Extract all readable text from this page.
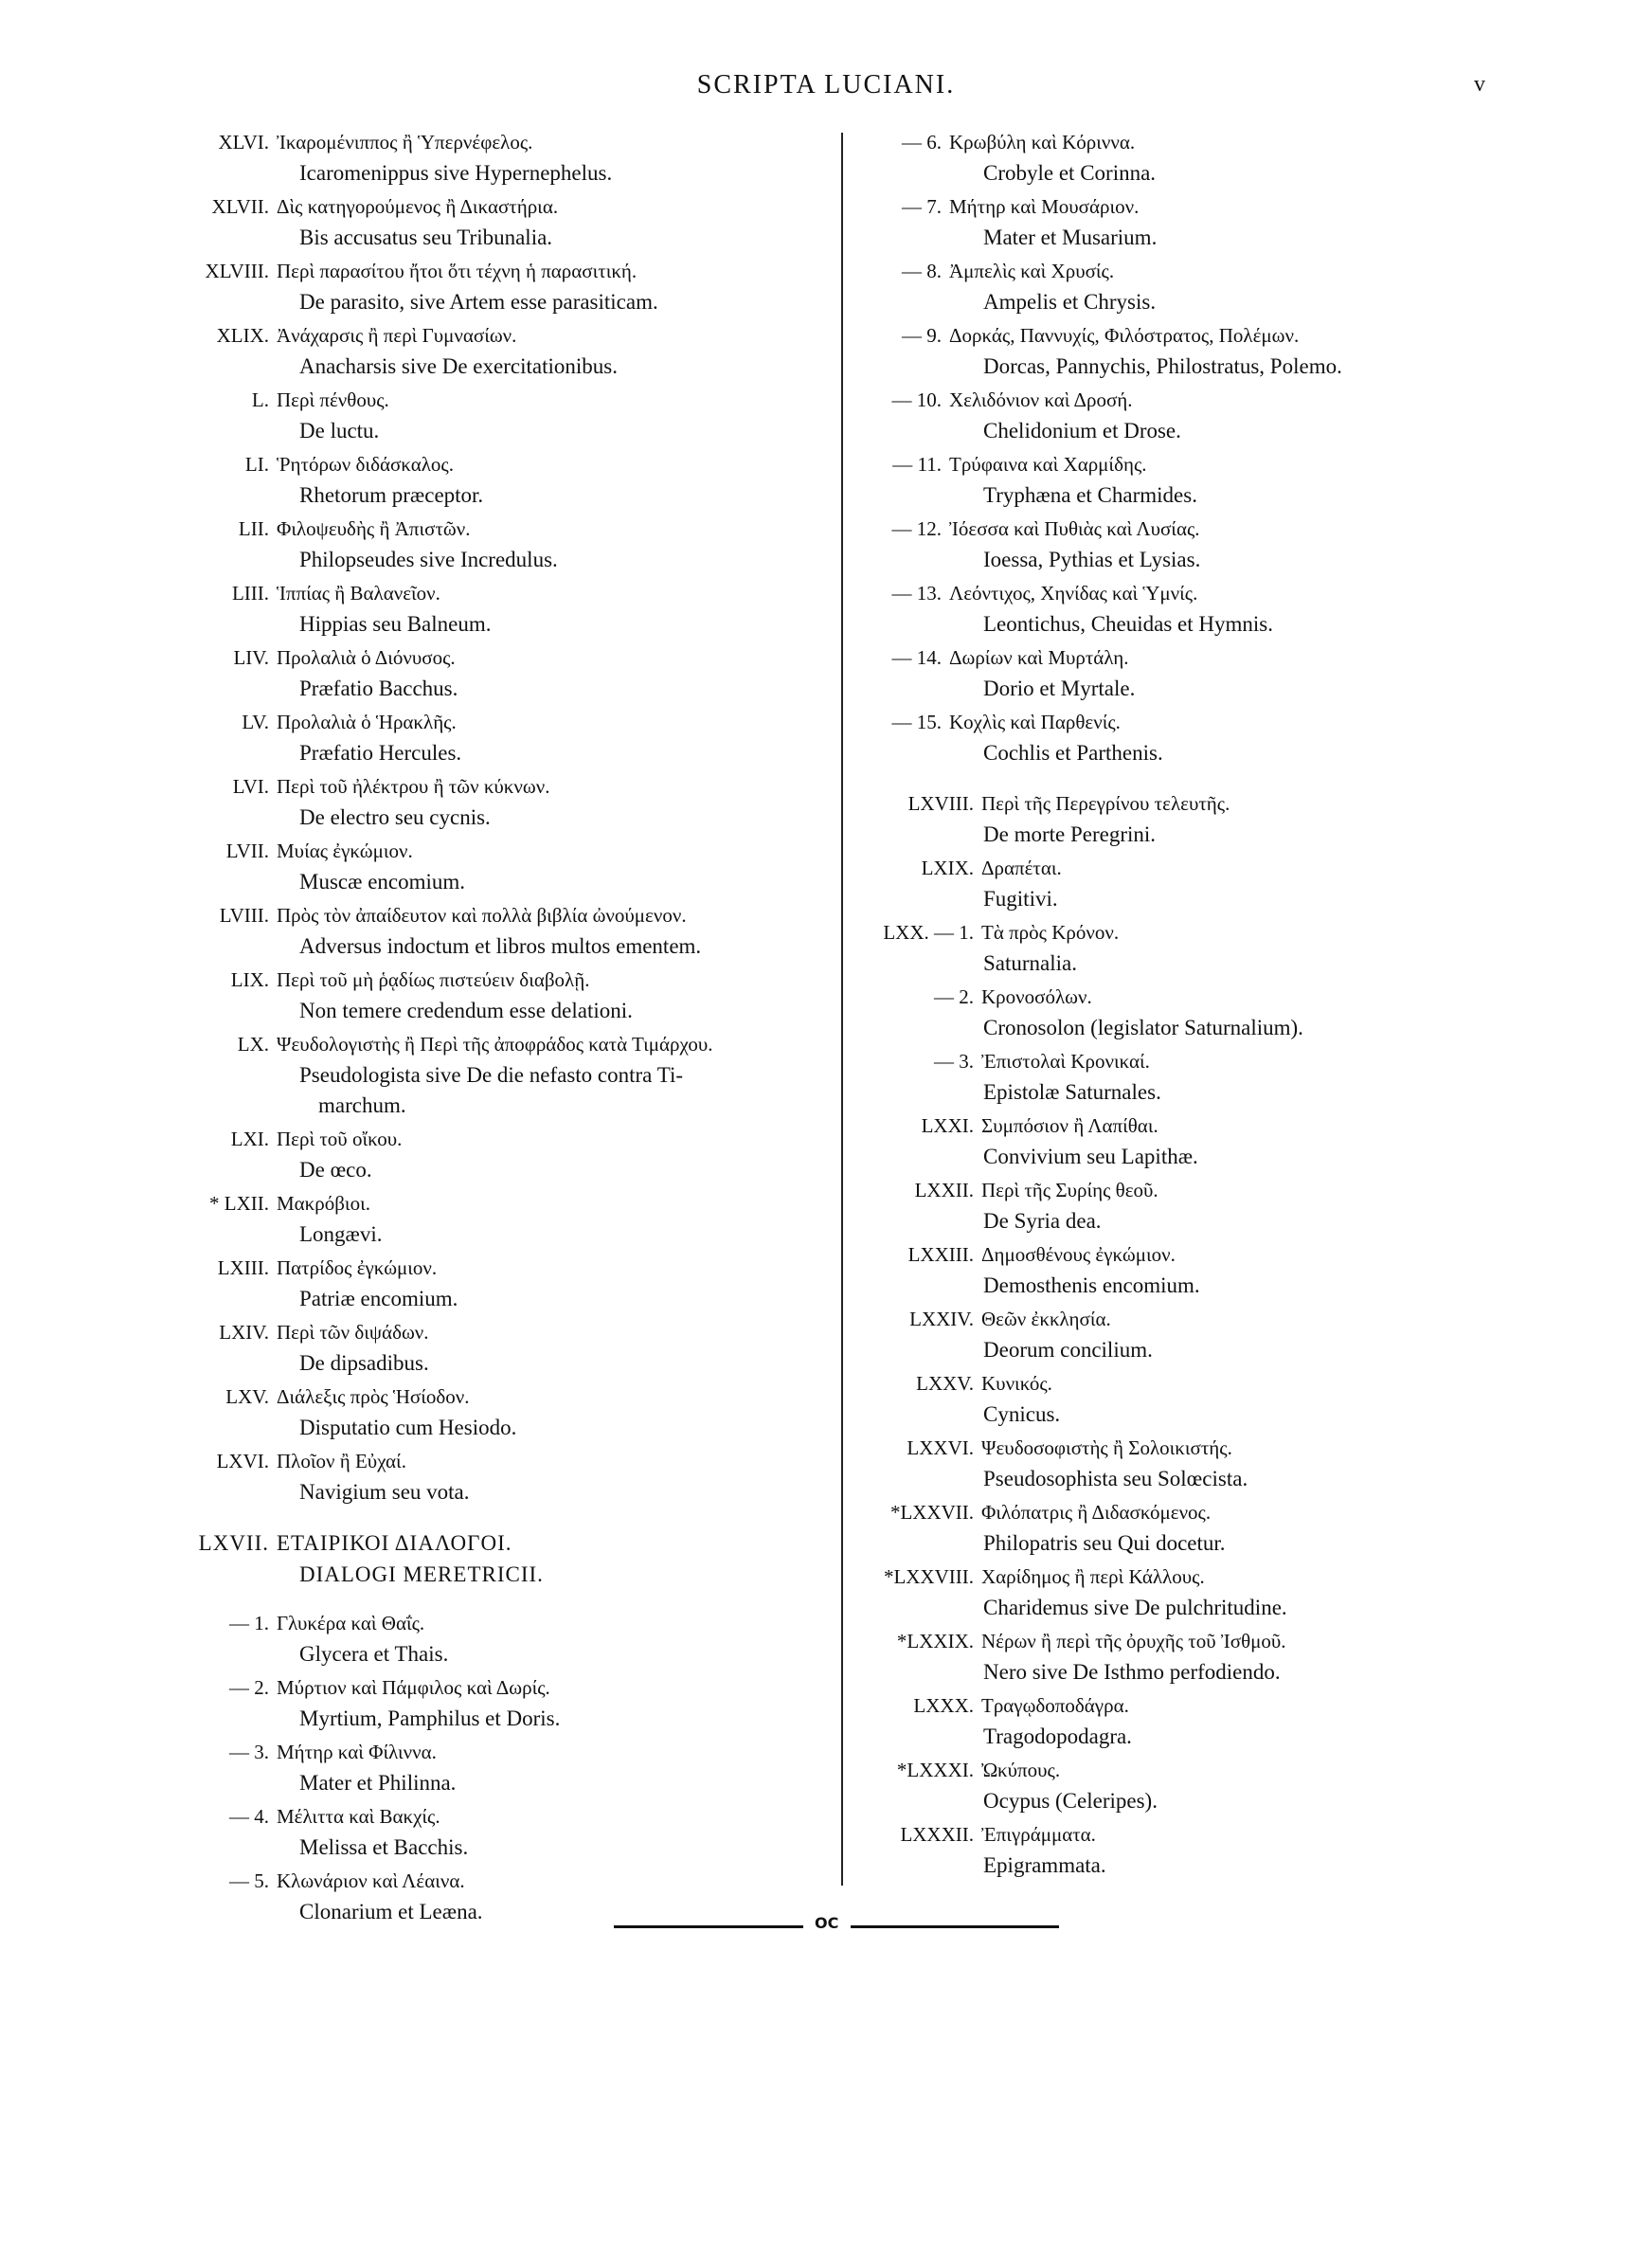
SCRIPTA LUCIANI.	v
XLVI. Ἰκαρομένιππος ἢ Ὑπερνέφελος.
Icaromenippus sive Hypernephelus.
XLVII. Δὶς κατηγορούμενος ἢ Δικαστήρια.
Bis accusatus seu Tribunalia.
XLVIII. Περὶ παρασίτου ἤτοι ὅτι τέχνη ἡ παρασιτική.
De parasito, sive Artem esse parasiticam.
XLIX. Ἀνάχαρσις ἢ περὶ Γυμνασίων.
Anacharsis sive De exercitationibus.
L. Περὶ πένθους.
De luctu.
LI. Ῥητόρων διδάσκαλος.
Rhetorum præceptor.
LII. Φιλοψευδὴς ἢ Ἀπιστῶν.
Philopseudes sive Incredulus.
LIII. Ἱππίας ἢ Βαλανεῖον.
Hippias seu Balneum.
LIV. Προλαλιὰ ὁ Διόνυσος.
Præfatio Bacchus.
LV. Προλαλιὰ ὁ Ἡρακλῆς.
Præfatio Hercules.
LVI. Περὶ τοῦ ἠλέκτρου ἢ τῶν κύκνων.
De electro seu cycnis.
LVII. Μυίας ἐγκώμιον.
Muscæ encomium.
LVIII. Πρὸς τὸν ἀπαίδευτον καὶ πολλὰ βιβλία ὠνούμενον.
Adversus indoctum et libros multos ementem.
LIX. Περὶ τοῦ μὴ ῥᾳδίως πιστεύειν διαβολῇ.
Non temere credendum esse delationi.
LX. Ψευδολογιστὴς ἢ Περὶ τῆς ἀποφράδος κατὰ Τιμάρχου.
Pseudologista sive De die nefasto contra Ti-
marchum.
LXI. Περὶ τοῦ οἴκου.
De œco.
* LXII. Μακρόβιοι.
Longævi.
LXIII. Πατρίδος ἐγκώμιον.
Patriæ encomium.
LXIV. Περὶ τῶν διψάδων.
De dipsadibus.
LXV. Διάλεξις πρὸς Ἡσίοδον.
Disputatio cum Hesiodo.
LXVI. Πλοῖον ἢ Εὐχαί.
Navigium seu vota.
LXVII. ΕΤΑΙΡΙΚΟΙ ΔΙΑΛΟΓΟΙ.
DIALOGI MERETRICII.
— 1. Γλυκέρα καὶ Θαΐς.
Glycera et Thais.
— 2. Μύρτιον καὶ Πάμφιλος καὶ Δωρίς.
Myrtium, Pamphilus et Doris.
— 3. Μήτηρ καὶ Φίλιννα.
Mater et Philinna.
— 4. Μέλιττα καὶ Βακχίς.
Melissa et Bacchis.
— 5. Κλωνάριον καὶ Λέαινα.
Clonarium et Leæna.
— 6. Κρωβύλη καὶ Κόριννα.
Crobyle et Corinna.
— 7. Μήτηρ καὶ Μουσάριον.
Mater et Musarium.
— 8. Ἀμπελὶς καὶ Χρυσίς.
Ampelis et Chrysis.
— 9. Δορκάς, Παννυχίς, Φιλόστρατος, Πολέμων.
Dorcas, Pannychis, Philostratus, Polemo.
— 10. Χελιδόνιον καὶ Δροσή.
Chelidonium et Drose.
— 11. Τρύφαινα καὶ Χαρμίδης.
Tryphæna et Charmides.
— 12. Ἰόεσσα καὶ Πυθιὰς καὶ Λυσίας.
Ioessa, Pythias et Lysias.
— 13. Λεόντιχος, Χηνίδας καὶ Ὑμνίς.
Leontichus, Cheuidas et Hymnis.
— 14. Δωρίων καὶ Μυρτάλη.
Dorio et Myrtale.
— 15. Κοχλὶς καὶ Παρθενίς.
Cochlis et Parthenis.
LXVIII. Περὶ τῆς Περεγρίνου τελευτῆς.
De morte Peregrini.
LXIX. Δραπέται.
Fugitivi.
LXX. — 1. Τὰ πρὸς Κρόνον.
Saturnalia.
— 2. Κρονοσόλων.
Cronosolon (legislator Saturnalium).
— 3. Ἐπιστολαὶ Κρονικαί.
Epistolæ Saturnales.
LXXI. Συμπόσιον ἢ Λαπίθαι.
Convivium seu Lapithæ.
LXXII. Περὶ τῆς Συρίης θεοῦ.
De Syria dea.
LXXIII. Δημοσθένους ἐγκώμιον.
Demosthenis encomium.
LXXIV. Θεῶν ἐκκλησία.
Deorum concilium.
LXXV. Κυνικός.
Cynicus.
LXXVI. Ψευδοσοφιστὴς ἢ Σολοικιστής.
Pseudosophista seu Solœcista.
*LXXVII. Φιλόπατρις ἢ Διδασκόμενος.
Philopatris seu Qui docetur.
*LXXVIII. Χαρίδημος ἢ περὶ Κάλλους.
Charidemus sive De pulchritudine.
*LXXIX. Νέρων ἢ περὶ τῆς ὀρυχῆς τοῦ Ἰσθμοῦ.
Nero sive De Isthmo perfodiendo.
LXXX. Τραγῳδοποδάγρα.
Tragodopodagra.
*LXXXI. Ὠκύπους.
Ocypus (Celeripes).
LXXXII. Ἐπιγράμματα.
Epigrammata.
OC
